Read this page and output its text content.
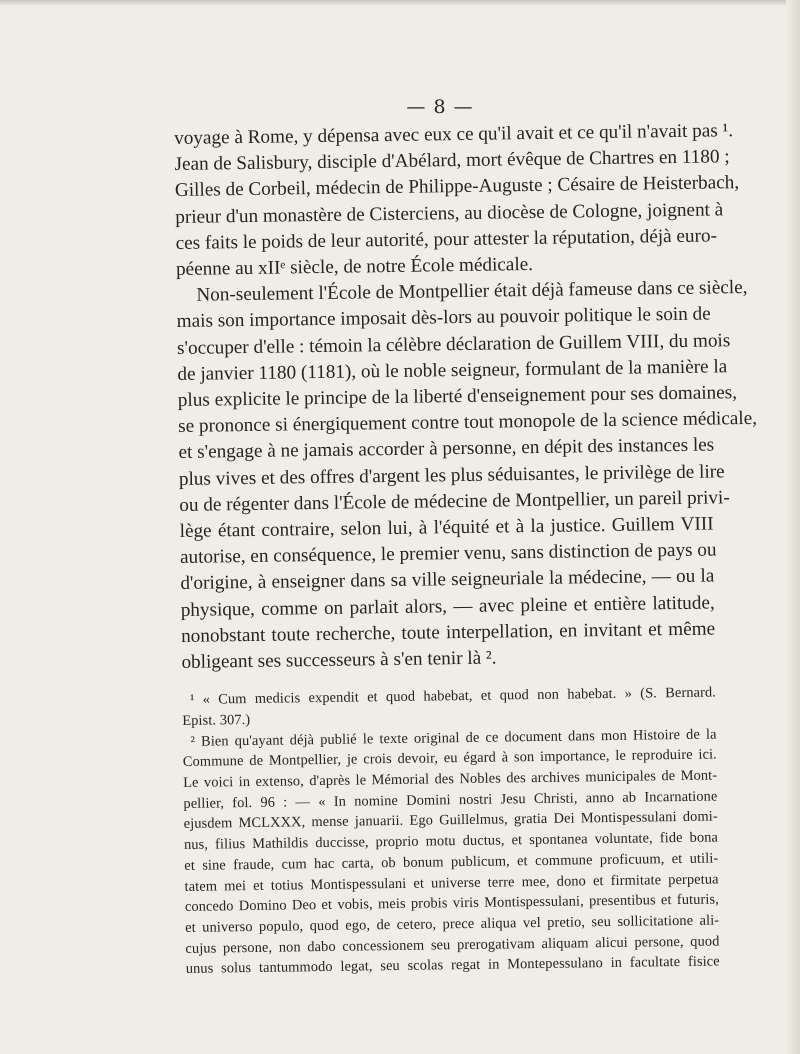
— 8 —
voyage à Rome, y dépensa avec eux ce qu'il avait et ce qu'il n'avait pas ¹.
Jean de Salisbury, disciple d'Abélard, mort évêque de Chartres en 1180 ;
Gilles de Corbeil, médecin de Philippe-Auguste ; Césaire de Heisterbach,
prieur d'un monastère de Cisterciens, au diocèse de Cologne, joignent à
ces faits le poids de leur autorité, pour attester la réputation, déjà euro-
péenne au xIIᵉ siècle, de notre École médicale.
Non-seulement l'École de Montpellier était déjà fameuse dans ce siècle,
mais son importance imposait dès-lors au pouvoir politique le soin de
s'occuper d'elle : témoin la célèbre déclaration de Guillem VIII, du mois
de janvier 1180 (1181), où le noble seigneur, formulant de la manière la
plus explicite le principe de la liberté d'enseignement pour ses domaines,
se prononce si énergiquement contre tout monopole de la science médicale,
et s'engage à ne jamais accorder à personne, en dépit des instances les
plus vives et des offres d'argent les plus séduisantes, le privilège de lire
ou de régenter dans l'École de médecine de Montpellier, un pareil privi-
lège étant contraire, selon lui, à l'équité et à la justice. Guillem VIII
autorise, en conséquence, le premier venu, sans distinction de pays ou
d'origine, à enseigner dans sa ville seigneuriale la médecine, — ou la
physique, comme on parlait alors, — avec pleine et entière latitude,
nonobstant toute recherche, toute interpellation, en invitant et même
obligeant ses successeurs à s'en tenir là ².
¹ « Cum medicis expendit et quod habebat, et quod non habebat. » (S. Bernard.
Epist. 307.)
² Bien qu'ayant déjà publié le texte original de ce document dans mon Histoire de la
Commune de Montpellier, je crois devoir, eu égard à son importance, le reproduire ici.
Le voici in extenso, d'après le Mémorial des Nobles des archives municipales de Mont-
pellier, fol. 96 : — « In nomine Domini nostri Jesu Christi, anno ab Incarnatione
ejusdem MCLXXX, mense januarii. Ego Guillelmus, gratia Dei Montispessulani domi-
nus, filius Mathildis duccisse, proprio motu ductus, et spontanea voluntate, fide bona
et sine fraude, cum hac carta, ob bonum publicum, et commune proficuum, et utili-
tatem mei et totius Montispessulani et universe terre mee, dono et firmitate perpetua
concedo Domino Deo et vobis, meis probis viris Montispessulani, presentibus et futuris,
et universo populo, quod ego, de cetero, prece aliqua vel pretio, seu sollicitatione ali-
cujus persone, non dabo concessionem seu prerogativam aliquam alicui persone, quod
unus solus tantummodo legat, seu scolas regat in Montepessulano in facultate fisice
